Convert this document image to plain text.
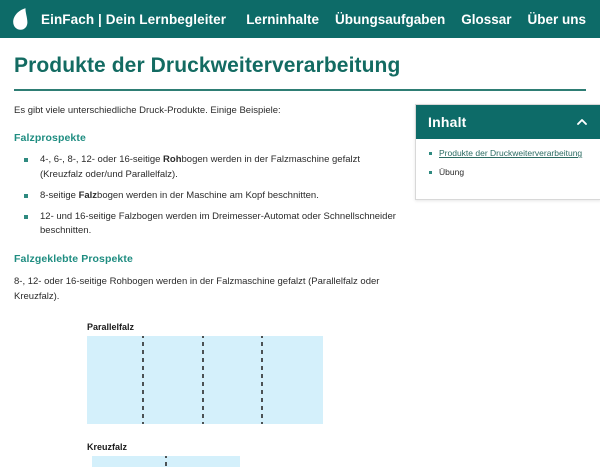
EinFach | Dein Lernbegleiter Lerninhalte Übungsaufgaben Glossar Über uns
Produkte der Druckweiterverarbeitung

Es gibt viele unterschiedliche Druck-Produkte. Einige Beispiele:

Falzprospekte
4-, 6-, 8-, 12- oder 16-seitige Rohbogen werden in der Falzmaschine gefalzt (Kreuzfalz oder/und Parallelfalz).
8-seitige Falzbogen werden in der Maschine am Kopf beschnitten.
12- und 16-seitige Falzbogen werden im Dreimesser-Automat oder Schnellschneider beschnitten.
Falzgeklebte Prospekte

8-, 12- oder 16-seitige Rohbogen werden in der Falzmaschine gefalzt (Parallelfalz oder Kreuzfalz).

Inhalt
Produkte der Druckweiterverarbeitung
Übung
Parallelfalz
Kreuzfalz
